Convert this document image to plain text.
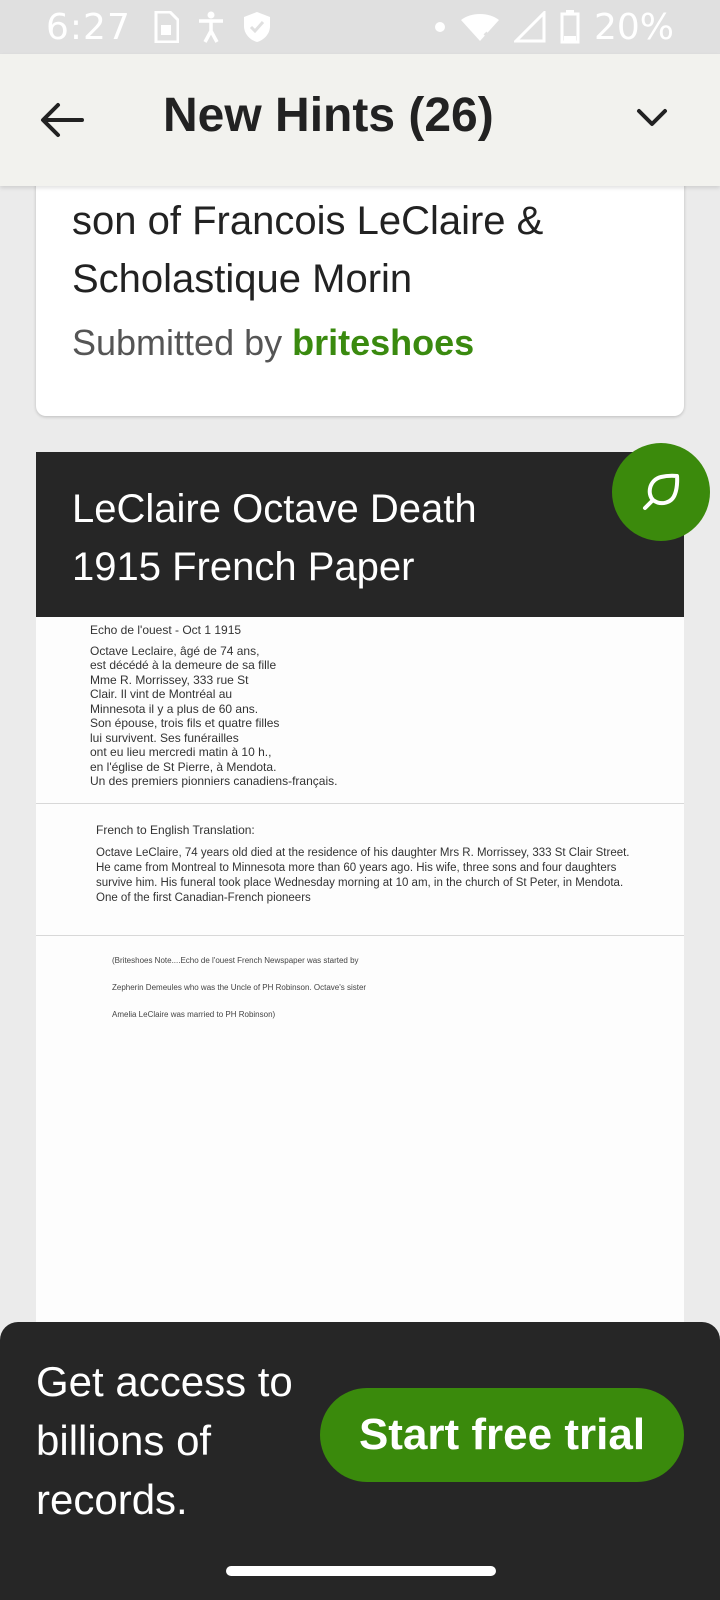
6:27	20%
New Hints (26)
son of Francois LeClaire & Scholastique Morin
Submitted by briteshoes
LeClaire Octave Death 1915 French Paper
Echo de l'ouest - Oct 1 1915
Octave Leclaire, âgé de 74 ans,
est décédé à la demeure de sa fille
Mme R. Morrissey, 333 rue St
Clair. Il vint de Montréal au
Minnesota il y a plus de 60 ans.
Son épouse, trois fils et quatre filles
lui survivent. Ses funérailles
ont eu lieu mercredi matin à 10 h.,
en l'église de St Pierre, à Mendota.
Un des premiers pionniers canadiens-français.
French to English Translation:
Octave LeClaire, 74 years old died at the residence of his daughter Mrs R. Morrissey, 333 St Clair Street. He came from Montreal to Minnesota more than 60 years ago. His wife, three sons and four daughters survive him. His funeral took place Wednesday morning at 10 am, in the church of St Peter, in Mendota.
One of the first Canadian-French pioneers
(Briteshoes Note....Echo de l'ouest French Newspaper was started by
Zepherin Demeules who was the Uncle of PH Robinson. Octave's sister
Amelia LeClaire was married to PH Robinson)
Get access to billions of records.
Start free trial
